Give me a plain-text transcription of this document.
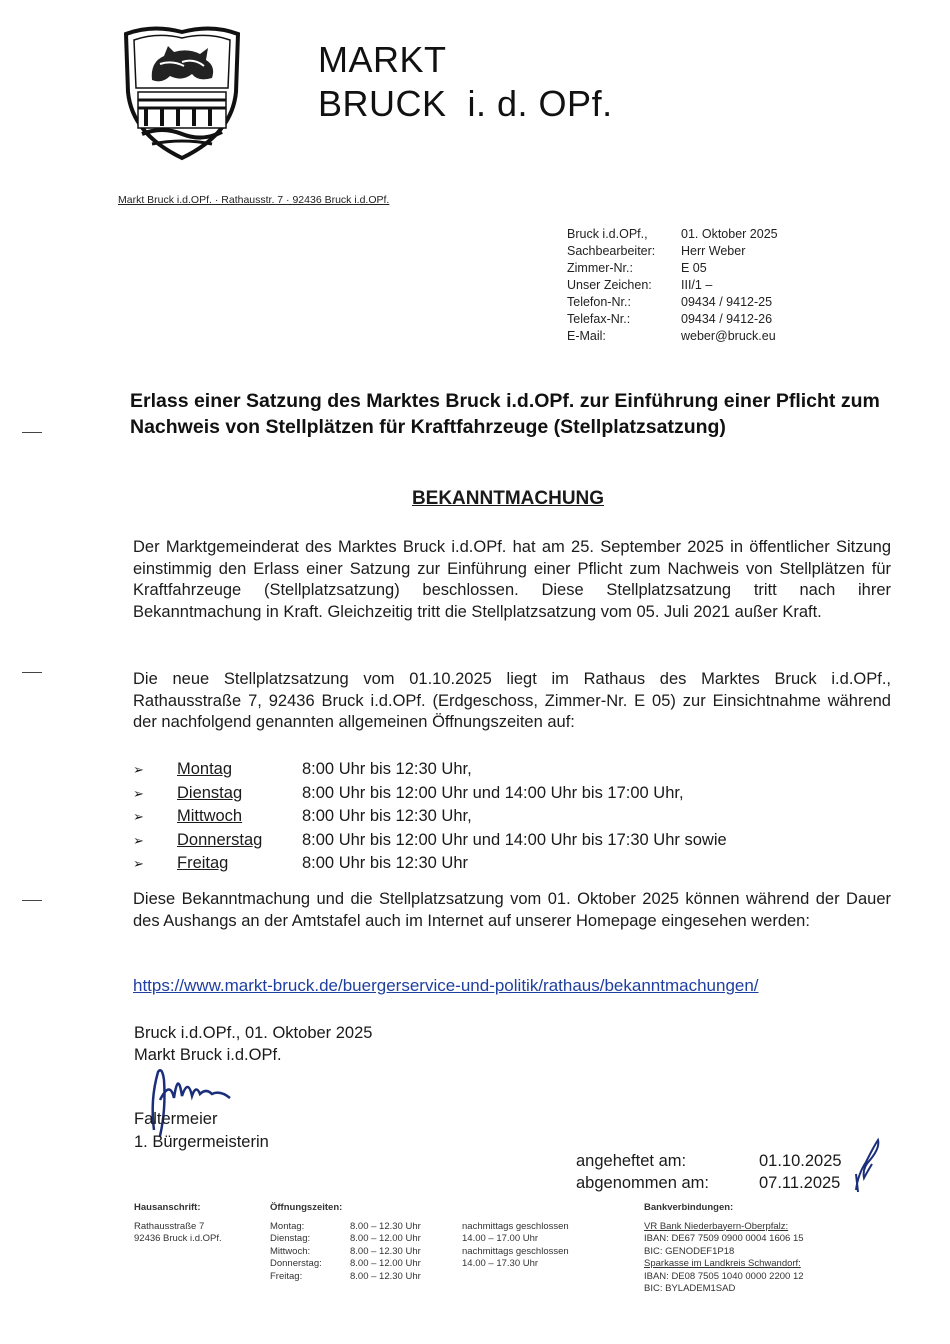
MARKT
BRUCK  i. d. OPf.
Markt Bruck i.d.OPf. · Rathausstr. 7 · 92436 Bruck i.d.OPf.
Bruck i.d.OPf.,	01. Oktober 2025
Sachbearbeiter:	Herr Weber
Zimmer-Nr.:	E 05
Unser Zeichen:	III/1 –
Telefon-Nr.:	09434 / 9412-25
Telefax-Nr.:	09434 / 9412-26
E-Mail:	weber@bruck.eu
Erlass einer Satzung des Marktes Bruck i.d.OPf. zur Einführung einer Pflicht zum Nachweis von Stellplätzen für Kraftfahrzeuge (Stellplatzsatzung)
BEKANNTMACHUNG
Der Marktgemeinderat des Marktes Bruck i.d.OPf. hat am 25. September 2025 in öffentlicher Sitzung einstimmig den Erlass einer Satzung zur Einführung einer Pflicht zum Nachweis von Stellplätzen für Kraftfahrzeuge (Stellplatzsatzung) beschlossen. Diese Stellplatzsatzung tritt nach ihrer Bekanntmachung in Kraft. Gleichzeitig tritt die Stellplatzsatzung vom 05. Juli 2021 außer Kraft.
Die neue Stellplatzsatzung vom 01.10.2025 liegt im Rathaus des Marktes Bruck i.d.OPf., Rathausstraße 7, 92436 Bruck i.d.OPf. (Erdgeschoss, Zimmer-Nr. E 05) zur Einsichtnahme während der nachfolgend genannten allgemeinen Öffnungszeiten auf:
➢	Montag	8:00 Uhr bis 12:30 Uhr,
➢	Dienstag	8:00 Uhr bis 12:00 Uhr und 14:00 Uhr bis 17:00 Uhr,
➢	Mittwoch	8:00 Uhr bis 12:30 Uhr,
➢	Donnerstag	8:00 Uhr bis 12:00 Uhr und 14:00 Uhr bis 17:30 Uhr sowie
➢	Freitag	8:00 Uhr bis 12:30 Uhr
Diese Bekanntmachung und die Stellplatzsatzung vom 01. Oktober 2025 können während der Dauer des Aushangs an der Amtstafel auch im Internet auf unserer Homepage eingesehen werden:
https://www.markt-bruck.de/buergerservice-und-politik/rathaus/bekanntmachungen/
Bruck i.d.OPf., 01. Oktober 2025
Markt Bruck i.d.OPf.
Faltermeier
1. Bürgermeisterin
angeheftet am:	01.10.2025
abgenommen am:	07.11.2025
Hausanschrift:
Rathausstraße 7
92436 Bruck i.d.OPf.
Öffnungszeiten:
Montag:	8.00 – 12.30 Uhr	nachmittags geschlossen
Dienstag:	8.00 – 12.00 Uhr	14.00 – 17.00 Uhr
Mittwoch:	8.00 – 12.30 Uhr	nachmittags geschlossen
Donnerstag:	8.00 – 12.00 Uhr	14.00 – 17.30 Uhr
Freitag:	8.00 – 12.30 Uhr
Bankverbindungen:
VR Bank Niederbayern-Oberpfalz:
IBAN: DE67 7509 0900 0004 1606 15
BIC: GENODEF1P18
Sparkasse im Landkreis Schwandorf:
IBAN: DE08 7505 1040 0000 2200 12
BIC: BYLADEM1SAD
